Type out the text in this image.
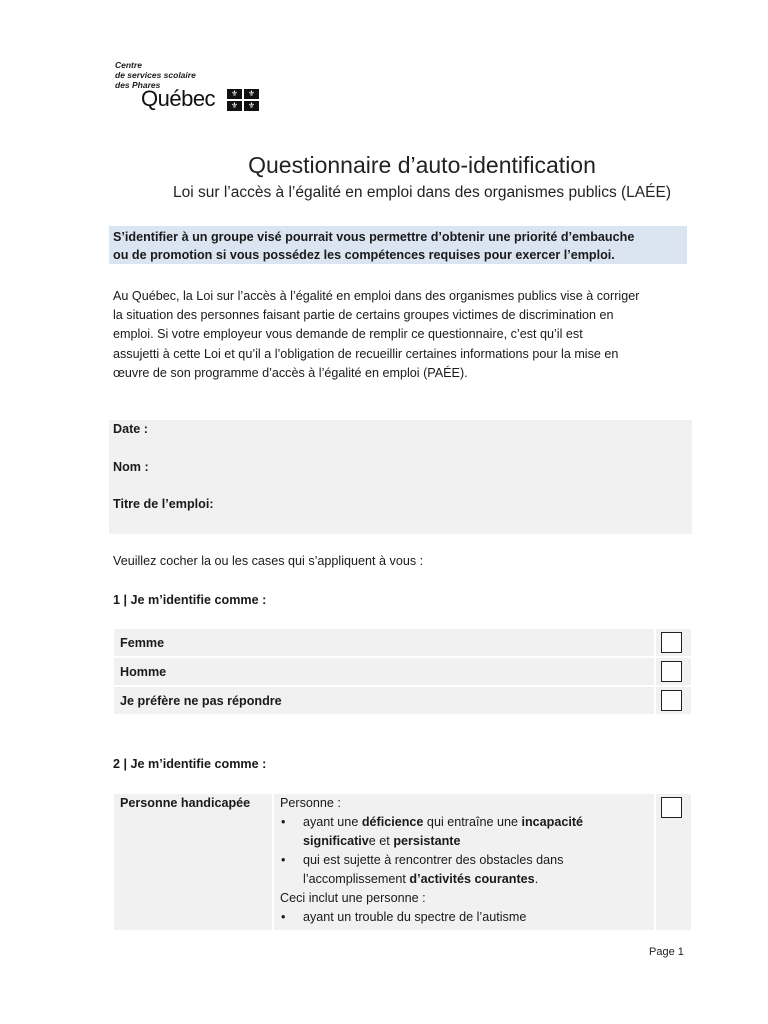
Centre
de services scolaire
des Phares
Québec	⚜	⚜
⚜	⚜
Questionnaire d’auto-identification
Loi sur l’accès à l’égalité en emploi dans des organismes publics (LAÉE)

S’identifier à un groupe visé pourrait vous permettre d’obtenir une priorité d’embauche
ou de promotion si vous possédez les compétences requises pour exercer l’emploi.

Au Québec, la Loi sur l’accès à l’égalité en emploi dans des organismes publics vise à corriger
la situation des personnes faisant partie de certains groupes victimes de discrimination en
emploi. Si votre employeur vous demande de remplir ce questionnaire, c’est qu’il est
assujetti à cette Loi et qu’il a l’obligation de recueillir certaines informations pour la mise en
œuvre de son programme d’accès à l’égalité en emploi (PAÉE).

Date :
Nom :
Titre de l’emploi:
Veuillez cocher la ou les cases qui s’appliquent à vous :
1 | Je m’identifie comme :
Femme
Homme
Je préfère ne pas répondre
2 | Je m’identifie comme :
Personne handicapée	Personne :
• ayant une déficience qui entraîne une incapacité
significative et persistante
• qui est sujette à rencontrer des obstacles dans
l’accomplissement d’activités courantes.
Ceci inclut une personne :
• ayant un trouble du spectre de l’autisme
Page 1
